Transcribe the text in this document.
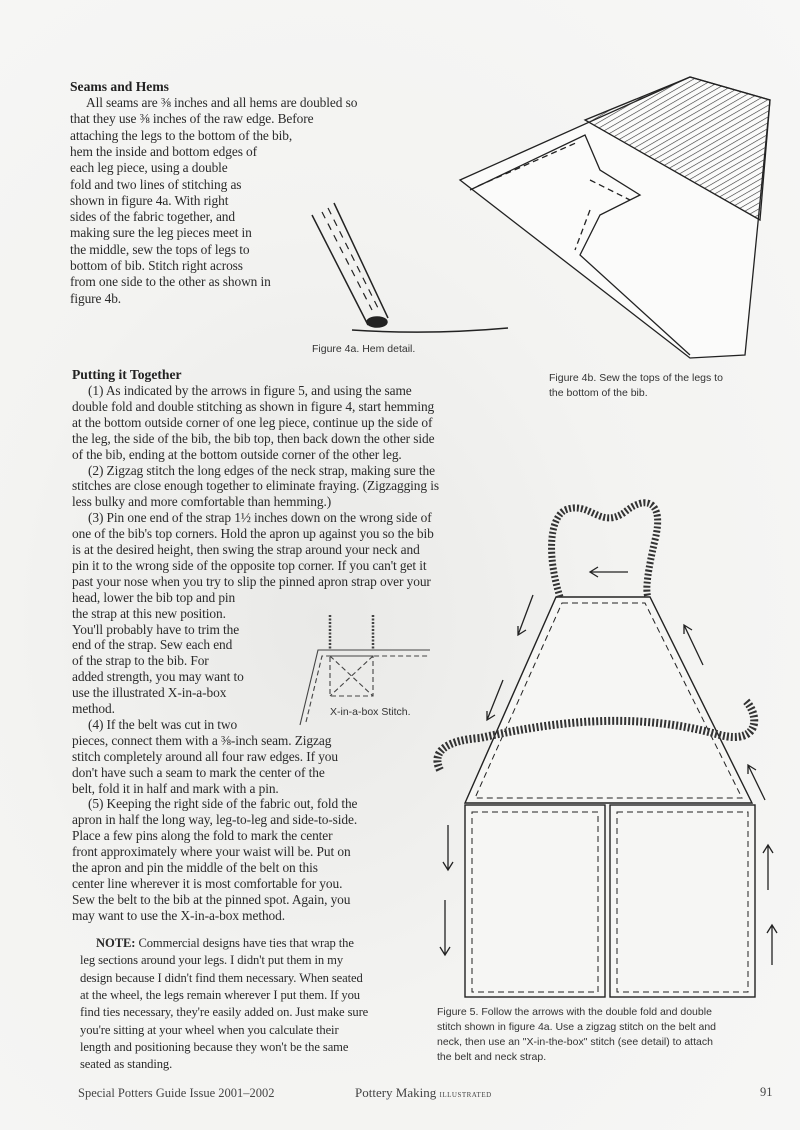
Seams and Hems
All seams are ⅜ inches and all hems are doubled so
that they use ⅜ inches of the raw edge. Before
attaching the legs to the bottom of the bib,
hem the inside and bottom edges of
each leg piece, using a double
fold and two lines of stitching as
shown in figure 4a. With right
sides of the fabric together, and
making sure the leg pieces meet in
the middle, sew the tops of legs to
bottom of bib. Stitch right across
from one side to the other as shown in
figure 4b.
Putting it Together
(1) As indicated by the arrows in figure 5, and using the same
double fold and double stitching as shown in figure 4, start hemming
at the bottom outside corner of one leg piece, continue up the side of
the leg, the side of the bib, the bib top, then back down the other side
of the bib, ending at the bottom outside corner of the other leg.
(2) Zigzag stitch the long edges of the neck strap, making sure the
stitches are close enough together to eliminate fraying. (Zigzagging is
less bulky and more comfortable than hemming.)
(3) Pin one end of the strap 1½ inches down on the wrong side of
one of the bib's top corners. Hold the apron up against you so the bib
is at the desired height, then swing the strap around your neck and
pin it to the wrong side of the opposite top corner. If you can't get it
past your nose when you try to slip the pinned apron strap over your
head, lower the bib top and pin
the strap at this new position.
You'll probably have to trim the
end of the strap. Sew each end
of the strap to the bib. For
added strength, you may want to
use the illustrated X-in-a-box
method.
(4) If the belt was cut in two
pieces, connect them with a ⅜-inch seam. Zigzag
stitch completely around all four raw edges. If you
don't have such a seam to mark the center of the
belt, fold it in half and mark with a pin.
(5) Keeping the right side of the fabric out, fold the
apron in half the long way, leg-to-leg and side-to-side.
Place a few pins along the fold to mark the center
front approximately where your waist will be. Put on
the apron and pin the middle of the belt on this
center line wherever it is most comfortable for you.
Sew the belt to the bib at the pinned spot. Again, you
may want to use the X-in-a-box method.
NOTE: Commercial designs have ties that wrap the
leg sections around your legs. I didn't put them in my
design because I didn't find them necessary. When seated
at the wheel, the legs remain wherever I put them. If you
find ties necessary, they're easily added on. Just make sure
you're sitting at your wheel when you calculate their
length and positioning because they won't be the same
seated as standing.
Figure 4a. Hem detail.
Figure 4b. Sew the tops of the legs to
the bottom of the bib.
X-in-a-box Stitch.
Figure 5. Follow the arrows with the double fold and double
stitch shown in figure 4a. Use a zigzag stitch on the belt and
neck, then use an "X-in-the-box" stitch (see detail) to attach
the belt and neck strap.
Special Potters Guide Issue 2001–2002	Pottery Making ILLUSTRATED	91
